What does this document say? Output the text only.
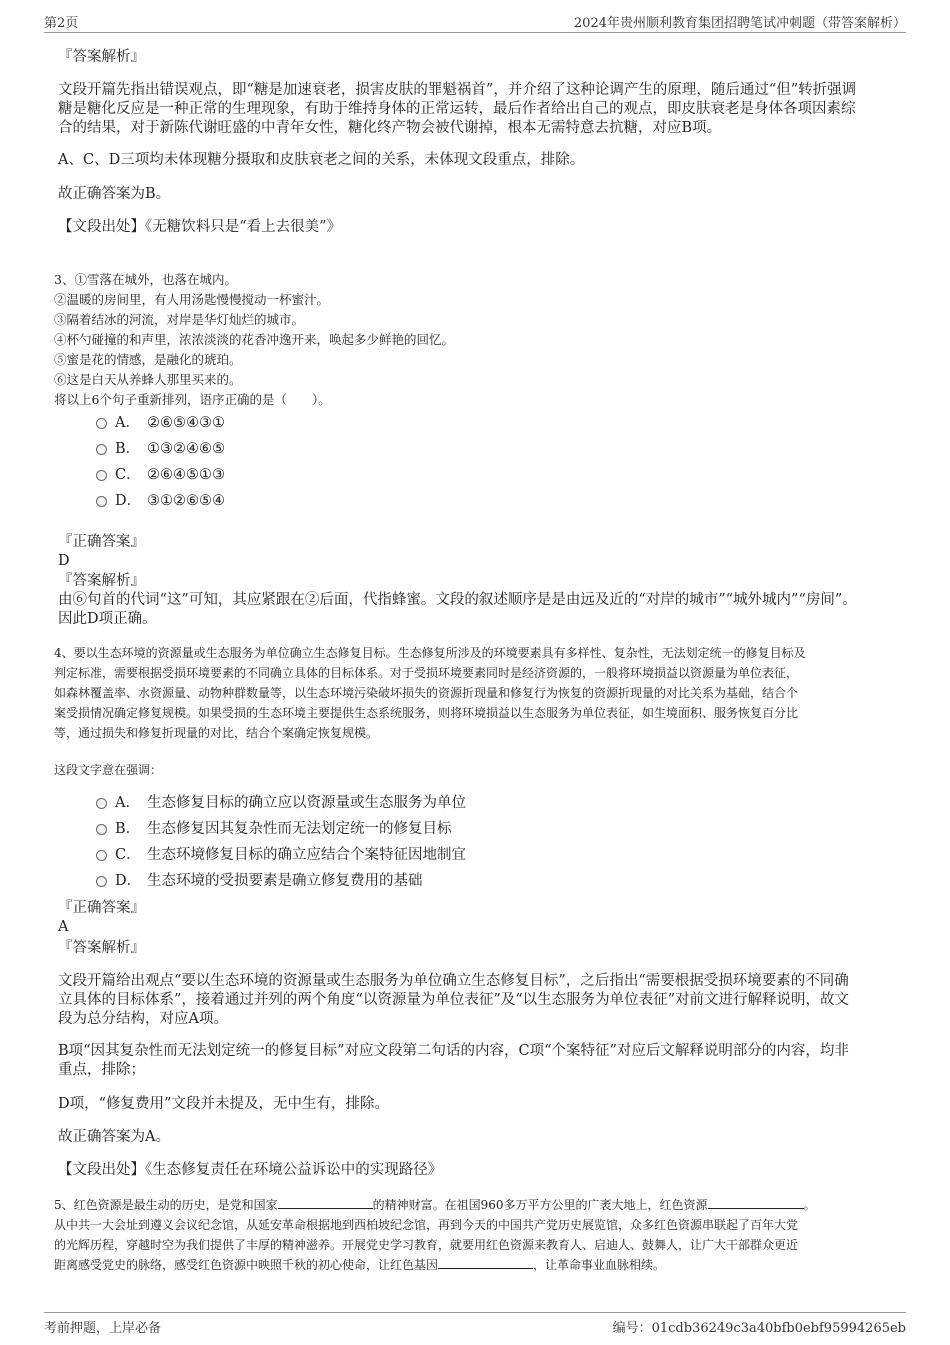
第2页	2024年贵州顺利教育集团招聘笔试冲刺题（带答案解析）
『答案解析』
文段开篇先指出错误观点，即“糖是加速衰老，损害皮肤的罪魁祸首”，并介绍了这种论调产生的原理，随后通过“但”转折强调
糖是糖化反应是一种正常的生理现象，有助于维持身体的正常运转，最后作者给出自己的观点，即皮肤衰老是身体各项因素综
合的结果，对于新陈代谢旺盛的中青年女性，糖化终产物会被代谢掉，根本无需特意去抗糖，对应B项。
A、C、D三项均未体现糖分摄取和皮肤衰老之间的关系，未体现文段重点，排除。
故正确答案为B。
【文段出处】《无糖饮料只是“看上去很美”》
3、①雪落在城外，也落在城内。
②温暖的房间里，有人用汤匙慢慢搅动一杯蜜汁。
③隔着结冰的河流，对岸是华灯灿烂的城市。
④杯勺碰撞的和声里，浓浓淡淡的花香冲逸开来，唤起多少鲜艳的回忆。
⑤蜜是花的情感，是融化的琥珀。
⑥这是白天从养蜂人那里买来的。
将以上6个句子重新排列，语序正确的是（　　）。
A． ②⑥⑤④③①
B． ①③②④⑥⑤
C． ②⑥④⑤①③
D． ③①②⑥⑤④
『正确答案』
D
『答案解析』
由⑥句首的代词“这”可知，其应紧跟在②后面，代指蜂蜜。文段的叙述顺序是是由远及近的“对岸的城市”“城外城内”“房间”。
因此D项正确。
4、要以生态环境的资源量或生态服务为单位确立生态修复目标。生态修复所涉及的环境要素具有多样性、复杂性，无法划定统一的修复目标及
判定标准，需要根据受损环境要素的不同确立具体的目标体系。对于受损环境要素同时是经济资源的，一般将环境损益以资源量为单位表征，
如森林覆盖率、水资源量、动物种群数量等，以生态环境污染破坏损失的资源折现量和修复行为恢复的资源折现量的对比关系为基础，结合个
案受损情况确定修复规模。如果受损的生态环境主要提供生态系统服务，则将环境损益以生态服务为单位表征，如生境面积、服务恢复百分比
等，通过损失和修复折现量的对比，结合个案确定恢复规模。
这段文字意在强调：
A． 生态修复目标的确立应以资源量或生态服务为单位
B． 生态修复因其复杂性而无法划定统一的修复目标
C． 生态环境修复目标的确立应结合个案特征因地制宜
D． 生态环境的受损要素是确立修复费用的基础
『正确答案』
A
『答案解析』
文段开篇给出观点“要以生态环境的资源量或生态服务为单位确立生态修复目标”，之后指出“需要根据受损环境要素的不同确
立具体的目标体系”，接着通过并列的两个角度“以资源量为单位表征”及“以生态服务为单位表征”对前文进行解释说明，故文
段为总分结构，对应A项。
B项“因其复杂性而无法划定统一的修复目标”对应文段第二句话的内容，C项“个案特征”对应后文解释说明部分的内容，均非
重点，排除；
D项，“修复费用”文段并未提及，无中生有，排除。
故正确答案为A。
【文段出处】《生态修复责任在环境公益诉讼中的实现路径》
5、红色资源是最生动的历史，是党和国家	的精神财富。在祖国960多万平方公里的广袤大地上，红色资源	。
从中共一大会址到遵义会议纪念馆，从延安革命根据地到西柏坡纪念馆，再到今天的中国共产党历史展览馆，众多红色资源串联起了百年大党
的光辉历程，穿越时空为我们提供了丰厚的精神滋养。开展党史学习教育，就要用红色资源来教育人、启迪人、鼓舞人，让广大干部群众更近
距离感受党史的脉络，感受红色资源中映照千秋的初心使命，让红色基因	，让革命事业血脉相续。
考前押题，上岸必备	编号：01cdb36249c3a40bfb0ebf95994265eb
